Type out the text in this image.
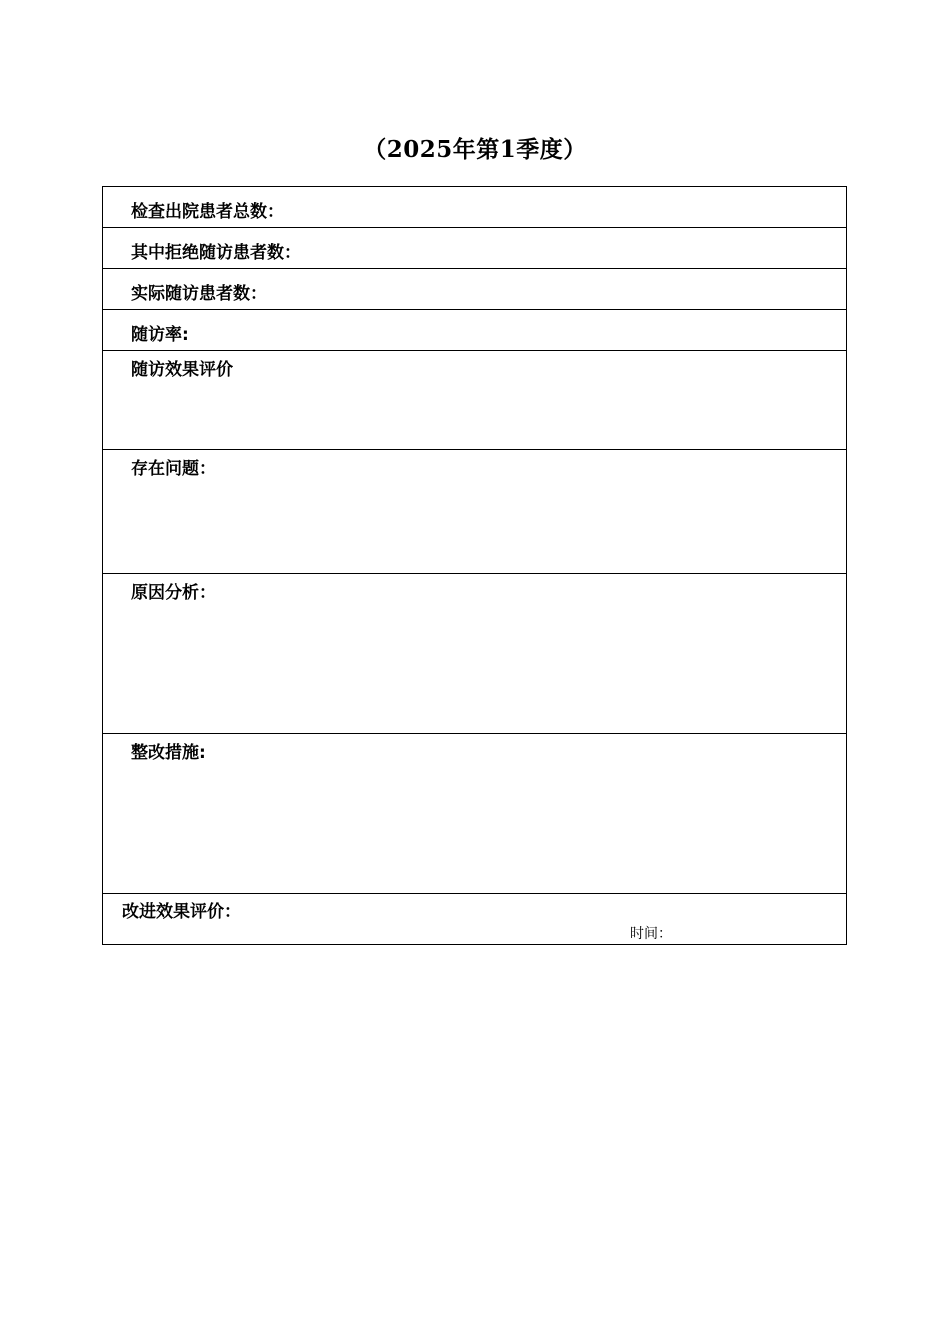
（2025年第1季度）
检查出院患者总数：
其中拒绝随访患者数：
实际随访患者数：
随访率:
随访效果评价
存在问题：
原因分析：
整改措施:
改进效果评价：
时间：
